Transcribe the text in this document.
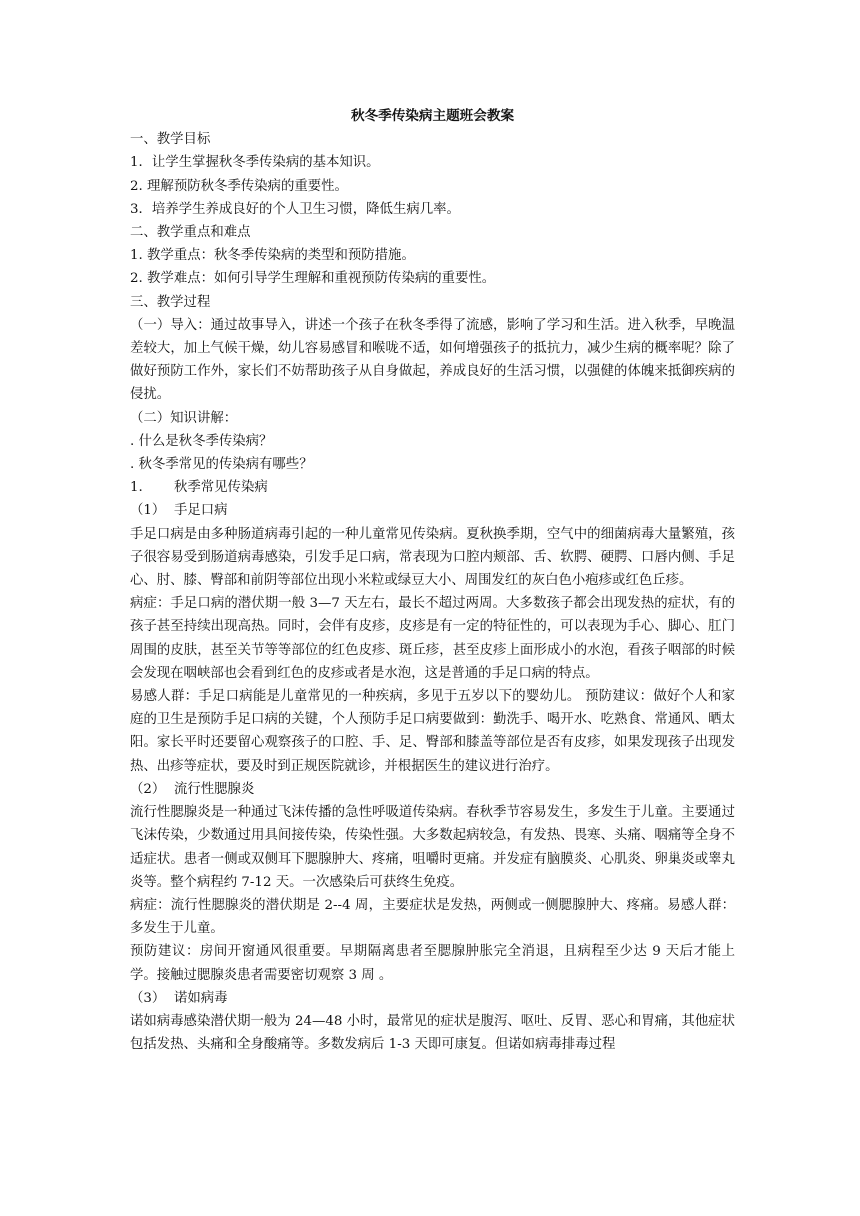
秋冬季传染病主题班会教案
一、教学目标
1．让学生掌握秋冬季传染病的基本知识。
2. 理解预防秋冬季传染病的重要性。
3．培养学生养成良好的个人卫生习惯，降低生病几率。
二、教学重点和难点
1. 教学重点：秋冬季传染病的类型和预防措施。
2. 教学难点：如何引导学生理解和重视预防传染病的重要性。
三、教学过程
（一）导入：通过故事导入，讲述一个孩子在秋冬季得了流感，影响了学习和生活。进入秋季，早晚温差较大，加上气候干燥，幼儿容易感冒和喉咙不适，如何增强孩子的抵抗力，减少生病的概率呢？除了做好预防工作外，家长们不妨帮助孩子从自身做起，养成良好的生活习惯，以强健的体魄来抵御疾病的侵扰。
（二）知识讲解：
. 什么是秋冬季传染病？
. 秋冬季常见的传染病有哪些？
1. 秋季常见传染病
（1） 手足口病
手足口病是由多种肠道病毒引起的一种儿童常见传染病。夏秋换季期，空气中的细菌病毒大量繁殖，孩子很容易受到肠道病毒感染，引发手足口病，常表现为口腔内颊部、舌、软腭、硬腭、口唇内侧、手足心、肘、膝、臀部和前阴等部位出现小米粒或绿豆大小、周围发红的灰白色小疱疹或红色丘疹。
病症：手足口病的潜伏期一般 3—7 天左右，最长不超过两周。大多数孩子都会出现发热的症状，有的孩子甚至持续出现高热。同时，会伴有皮疹，皮疹是有一定的特征性的，可以表现为手心、脚心、肛门周围的皮肤，甚至关节等等部位的红色皮疹、斑丘疹，甚至皮疹上面形成小的水泡，看孩子咽部的时候会发现在咽峡部也会看到红色的皮疹或者是水泡，这是普通的手足口病的特点。
易感人群：手足口病能是儿童常见的一种疾病，多见于五岁以下的婴幼儿。 预防建议：做好个人和家庭的卫生是预防手足口病的关键，个人预防手足口病要做到：勤洗手、喝开水、吃熟食、常通风、晒太阳。家长平时还要留心观察孩子的口腔、手、足、臀部和膝盖等部位是否有皮疹，如果发现孩子出现发热、出疹等症状，要及时到正规医院就诊，并根据医生的建议进行治疗。
（2） 流行性腮腺炎
流行性腮腺炎是一种通过飞沫传播的急性呼吸道传染病。春秋季节容易发生，多发生于儿童。主要通过飞沫传染，少数通过用具间接传染，传染性强。大多数起病较急，有发热、畏寒、头痛、咽痛等全身不适症状。患者一侧或双侧耳下腮腺肿大、疼痛，咀嚼时更痛。并发症有脑膜炎、心肌炎、卵巢炎或睾丸炎等。整个病程约 7-12 天。一次感染后可获终生免疫。
病症：流行性腮腺炎的潜伏期是 2--4 周，主要症状是发热，两侧或一侧腮腺肿大、疼痛。易感人群：多发生于儿童。
预防建议：房间开窗通风很重要。早期隔离患者至腮腺肿胀完全消退，且病程至少达 9 天后才能上学。接触过腮腺炎患者需要密切观察 3 周 。
（3） 诺如病毒
诺如病毒感染潜伏期一般为 24—48 小时，最常见的症状是腹泻、呕吐、反胃、恶心和胃痛，其他症状包括发热、头痛和全身酸痛等。多数发病后 1-3 天即可康复。但诺如病毒排毒过程
